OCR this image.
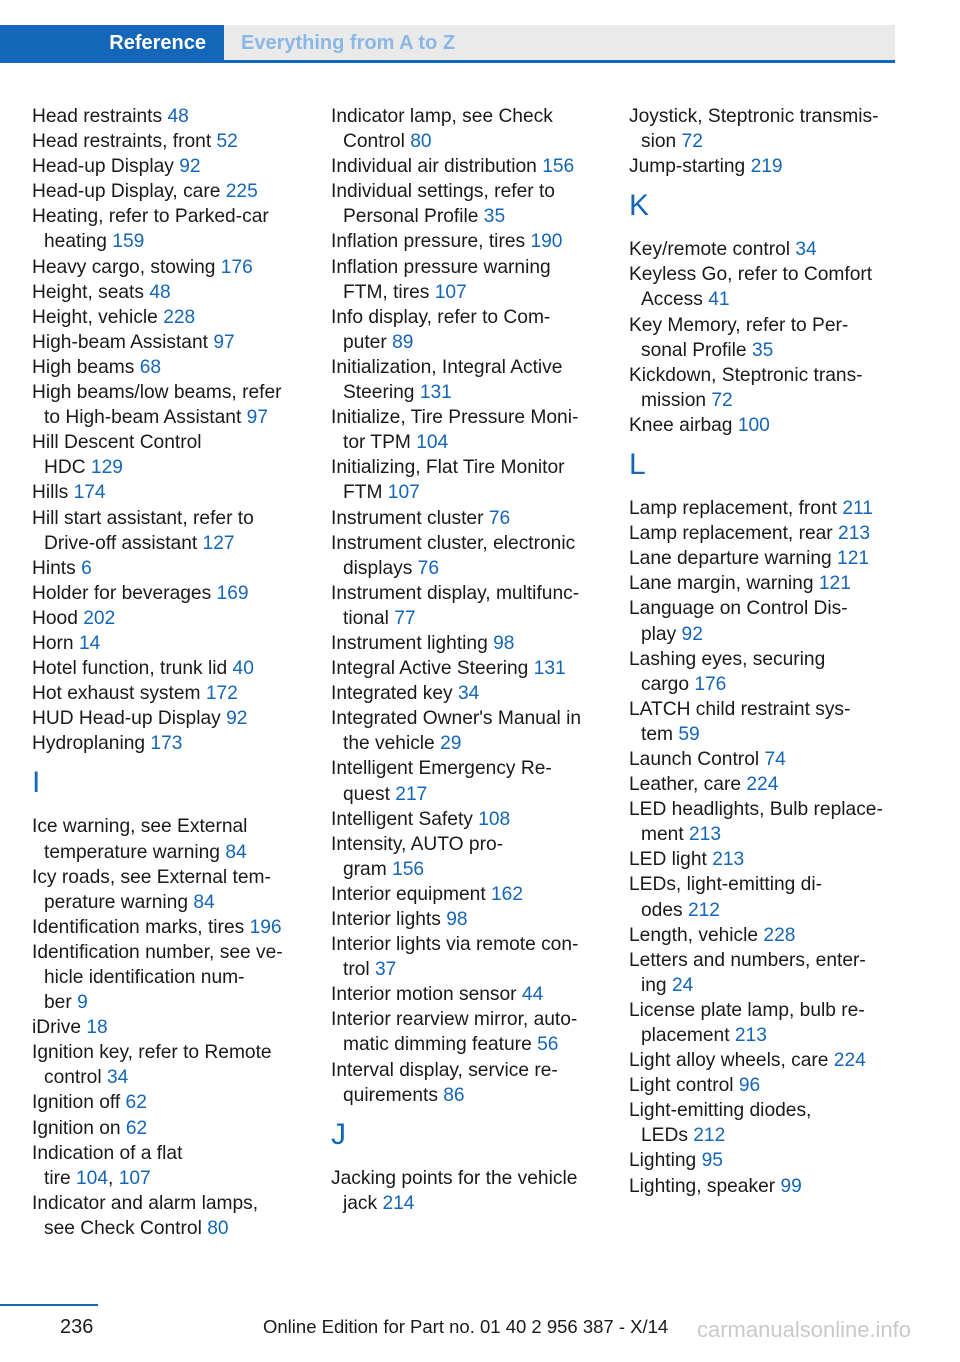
Reference	Everything from A to Z
Head restraints 48
Head restraints, front 52
Head-up Display 92
Head-up Display, care 225
Heating, refer to Parked-car
heating 159
Heavy cargo, stowing 176
Height, seats 48
Height, vehicle 228
High-beam Assistant 97
High beams 68
High beams/low beams, refer
to High-beam Assistant 97
Hill Descent Control
HDC 129
Hills 174
Hill start assistant, refer to
Drive-off assistant 127
Hints 6
Holder for beverages 169
Hood 202
Horn 14
Hotel function, trunk lid 40
Hot exhaust system 172
HUD Head-up Display 92
Hydroplaning 173
I
Ice warning, see External
temperature warning 84
Icy roads, see External tem-
perature warning 84
Identification marks, tires 196
Identification number, see ve-
hicle identification num-
ber 9
iDrive 18
Ignition key, refer to Remote
control 34
Ignition off 62
Ignition on 62
Indication of a flat
tire 104, 107
Indicator and alarm lamps,
see Check Control 80
Indicator lamp, see Check
Control 80
Individual air distribution 156
Individual settings, refer to
Personal Profile 35
Inflation pressure, tires 190
Inflation pressure warning
FTM, tires 107
Info display, refer to Com-
puter 89
Initialization, Integral Active
Steering 131
Initialize, Tire Pressure Moni-
tor TPM 104
Initializing, Flat Tire Monitor
FTM 107
Instrument cluster 76
Instrument cluster, electronic
displays 76
Instrument display, multifunc-
tional 77
Instrument lighting 98
Integral Active Steering 131
Integrated key 34
Integrated Owner's Manual in
the vehicle 29
Intelligent Emergency Re-
quest 217
Intelligent Safety 108
Intensity, AUTO pro-
gram 156
Interior equipment 162
Interior lights 98
Interior lights via remote con-
trol 37
Interior motion sensor 44
Interior rearview mirror, auto-
matic dimming feature 56
Interval display, service re-
quirements 86
J
Jacking points for the vehicle
jack 214
Joystick, Steptronic transmis-
sion 72
Jump-starting 219
K
Key/remote control 34
Keyless Go, refer to Comfort
Access 41
Key Memory, refer to Per-
sonal Profile 35
Kickdown, Steptronic trans-
mission 72
Knee airbag 100
L
Lamp replacement, front 211
Lamp replacement, rear 213
Lane departure warning 121
Lane margin, warning 121
Language on Control Dis-
play 92
Lashing eyes, securing
cargo 176
LATCH child restraint sys-
tem 59
Launch Control 74
Leather, care 224
LED headlights, Bulb replace-
ment 213
LED light 213
LEDs, light-emitting di-
odes 212
Length, vehicle 228
Letters and numbers, enter-
ing 24
License plate lamp, bulb re-
placement 213
Light alloy wheels, care 224
Light control 96
Light-emitting diodes,
LEDs 212
Lighting 95
Lighting, speaker 99
236	Online Edition for Part no. 01 40 2 956 387 - X/14 carmanualsonline.info
